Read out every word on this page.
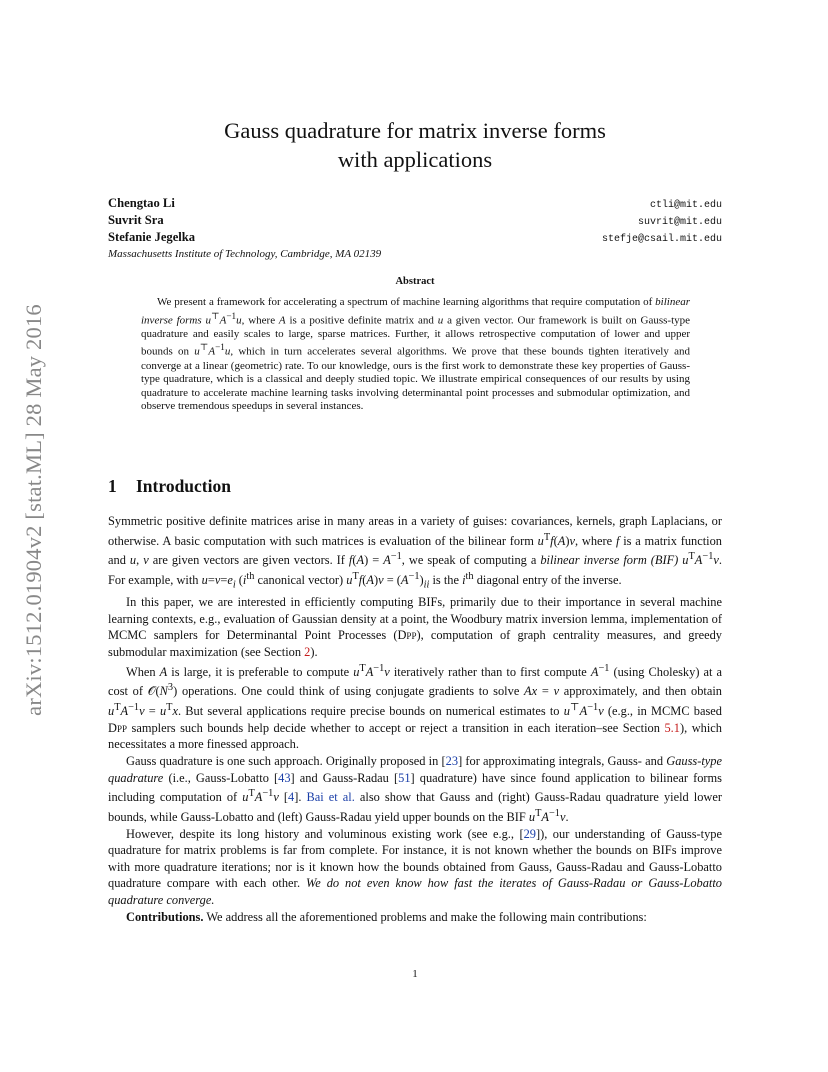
arXiv:1512.01904v2 [stat.ML] 28 May 2016
Gauss quadrature for matrix inverse forms
with applications
Chengtao Li	ctli@mit.edu
Suvrit Sra	suvrit@mit.edu
Stefanie Jegelka	stefje@csail.mit.edu
Massachusetts Institute of Technology, Cambridge, MA 02139
Abstract

We present a framework for accelerating a spectrum of machine learning algorithms that require computation of bilinear inverse forms $u^⊤A^{-1}u$, where A is a positive definite matrix and u a given vector. Our framework is built on Gauss-type quadrature and easily scales to large, sparse matrices. Further, it allows retrospective computation of lower and upper bounds on $u^⊤A^{-1}u$, which in turn accelerates several algorithms. We prove that these bounds tighten iteratively and converge at a linear (geometric) rate. To our knowledge, ours is the first work to demonstrate these key properties of Gauss-type quadrature, which is a classical and deeply studied topic. We illustrate empirical consequences of our results by using quadrature to accelerate machine learning tasks involving determinantal point processes and submodular optimization, and observe tremendous speedups in several instances.

1 Introduction

Symmetric positive definite matrices arise in many areas in a variety of guises: covariances, kernels, graph Laplacians, or otherwise. A basic computation with such matrices is evaluation of the bilinear form $u^Tf(A)v$, where f is a matrix function and u, v are given vectors are given vectors. If $f(A) = A^{-1}$, we speak of computing a bilinear inverse form (BIF) $u^TA^{-1}v$. For example, with $u=v=e_i$ ($i^{th}$ canonical vector) $u^Tf(A)v = (A^{-1})_{ii}$ is the $i^{th}$ diagonal entry of the inverse.

In this paper, we are interested in efficiently computing BIFs, primarily due to their importance in several machine learning contexts, e.g., evaluation of Gaussian density at a point, the Woodbury matrix inversion lemma, implementation of MCMC samplers for Determinantal Point Processes (Dpp), computation of graph centrality measures, and greedy submodular maximization (see Section 2).

When A is large, it is preferable to compute $u^TA^{-1}v$ iteratively rather than to first compute $A^{-1}$ (using Cholesky) at a cost of $𝒪(N^3)$ operations. One could think of using conjugate gradients to solve Ax = v approximately, and then obtain $u^TA^{-1}v = u^Tx$. But several applications require precise bounds on numerical estimates to $u^⊤A^{-1}v$ (e.g., in MCMC based Dpp samplers such bounds help decide whether to accept or reject a transition in each iteration–see Section 5.1), which necessitates a more finessed approach.

Gauss quadrature is one such approach. Originally proposed in [23] for approximating integrals, Gauss- and Gauss-type quadrature (i.e., Gauss-Lobatto [43] and Gauss-Radau [51] quadrature) have since found application to bilinear forms including computation of $u^TA^{-1}v$ [4]. Bai et al. also show that Gauss and (right) Gauss-Radau quadrature yield lower bounds, while Gauss-Lobatto and (left) Gauss-Radau yield upper bounds on the BIF $u^TA^{-1}v$.

However, despite its long history and voluminous existing work (see e.g., [29]), our understanding of Gauss-type quadrature for matrix problems is far from complete. For instance, it is not known whether the bounds on BIFs improve with more quadrature iterations; nor is it known how the bounds obtained from Gauss, Gauss-Radau and Gauss-Lobatto quadrature compare with each other. We do not even know how fast the iterates of Gauss-Radau or Gauss-Lobatto quadrature converge.

Contributions. We address all the aforementioned problems and make the following main contributions:

1
